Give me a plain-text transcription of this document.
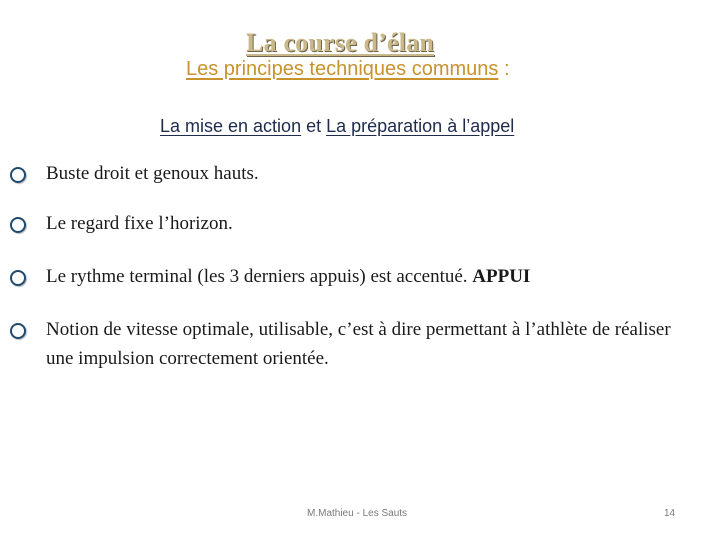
La course d’élan
Les principes techniques communs :
La mise en action et La préparation à l’appel
Buste droit et genoux hauts.
Le regard fixe l’horizon.
Le rythme terminal (les 3 derniers appuis) est accentué. APPUI
Notion de vitesse optimale, utilisable, c’est à dire permettant à l’athlète de réaliser une impulsion correctement orientée.
M.Mathieu - Les Sauts	14
